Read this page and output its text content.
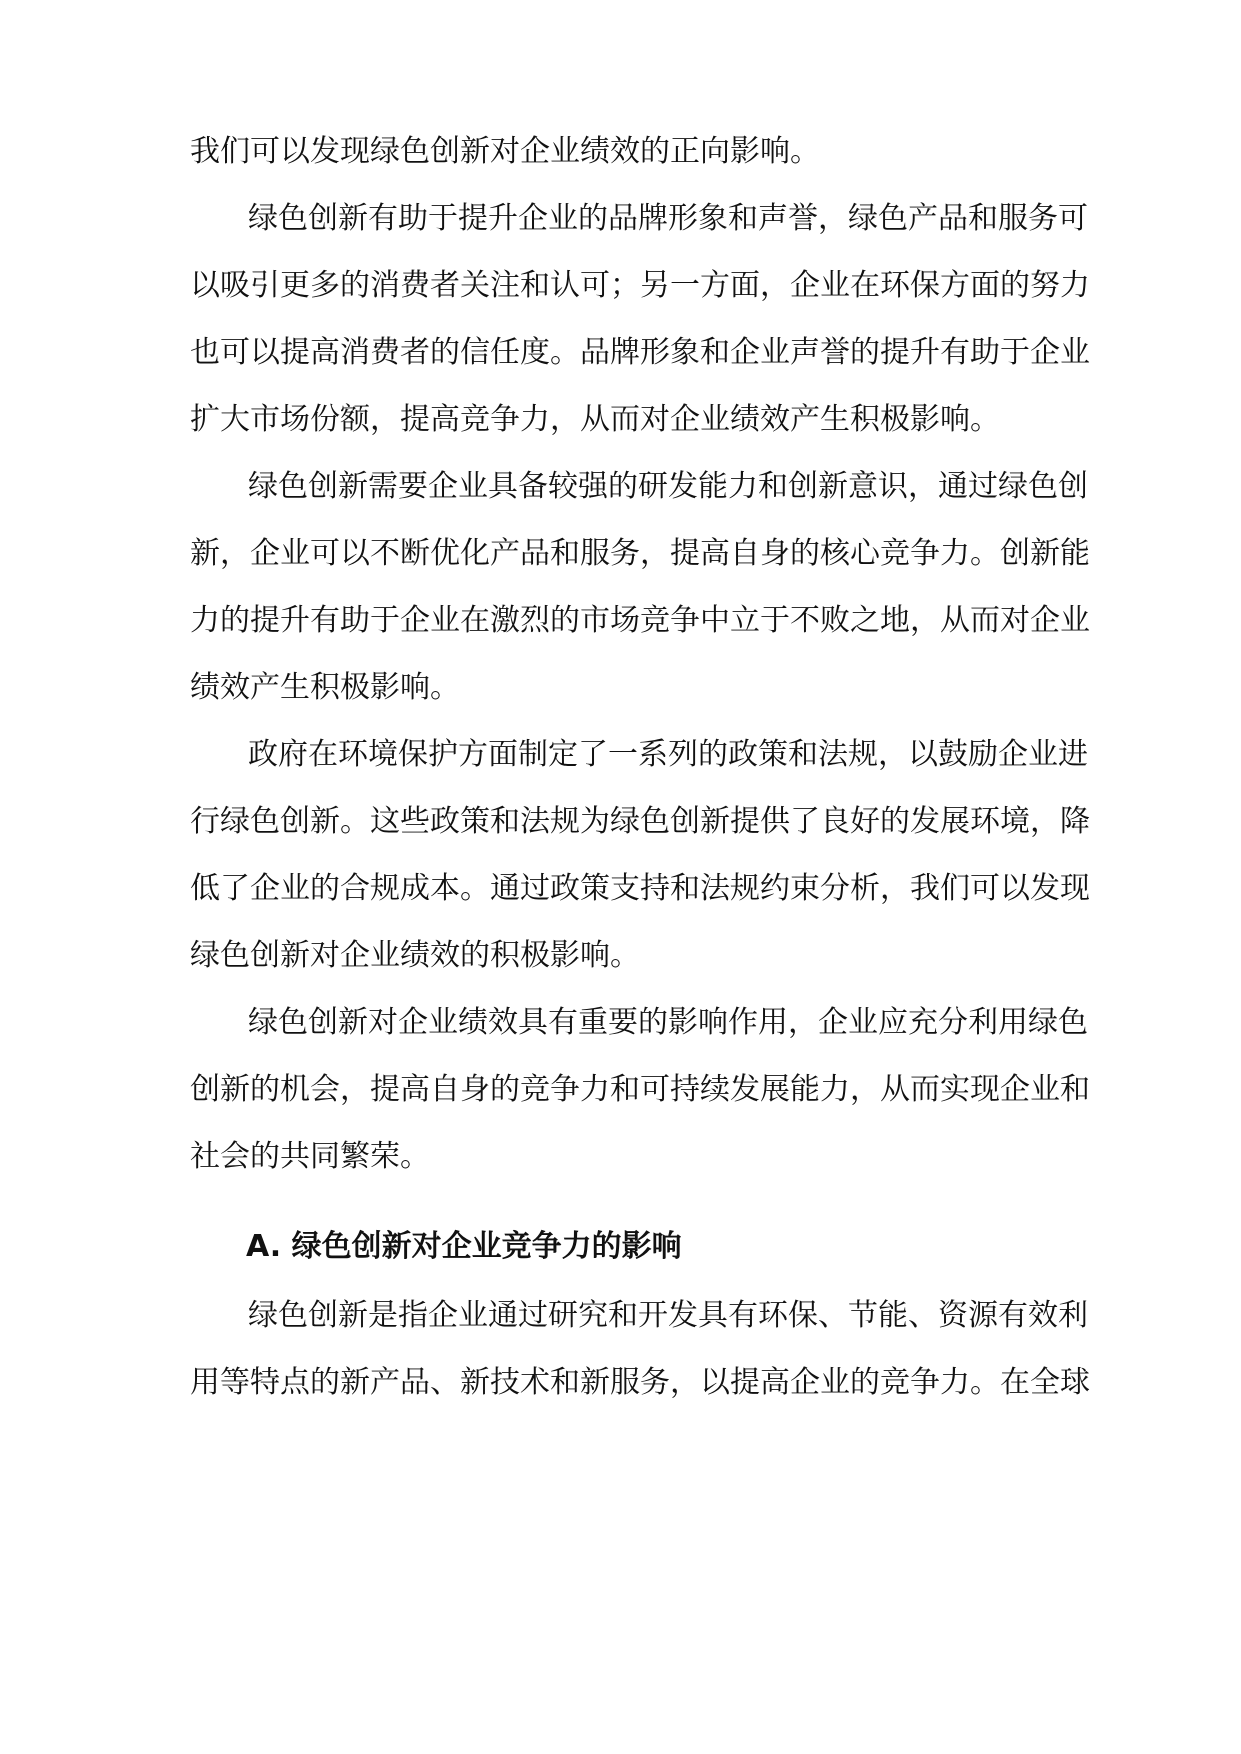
我们可以发现绿色创新对企业绩效的正向影响。
绿色创新有助于提升企业的品牌形象和声誉，绿色产品和服务可
以吸引更多的消费者关注和认可；另一方面，企业在环保方面的努力
也可以提高消费者的信任度。品牌形象和企业声誉的提升有助于企业
扩大市场份额，提高竞争力，从而对企业绩效产生积极影响。
绿色创新需要企业具备较强的研发能力和创新意识，通过绿色创
新，企业可以不断优化产品和服务，提高自身的核心竞争力。创新能
力的提升有助于企业在激烈的市场竞争中立于不败之地，从而对企业
绩效产生积极影响。
政府在环境保护方面制定了一系列的政策和法规，以鼓励企业进
行绿色创新。这些政策和法规为绿色创新提供了良好的发展环境，降
低了企业的合规成本。通过政策支持和法规约束分析，我们可以发现
绿色创新对企业绩效的积极影响。
绿色创新对企业绩效具有重要的影响作用，企业应充分利用绿色
创新的机会，提高自身的竞争力和可持续发展能力，从而实现企业和
社会的共同繁荣。
A. 绿色创新对企业竞争力的影响
绿色创新是指企业通过研究和开发具有环保、节能、资源有效利
用等特点的新产品、新技术和新服务，以提高企业的竞争力。在全球
